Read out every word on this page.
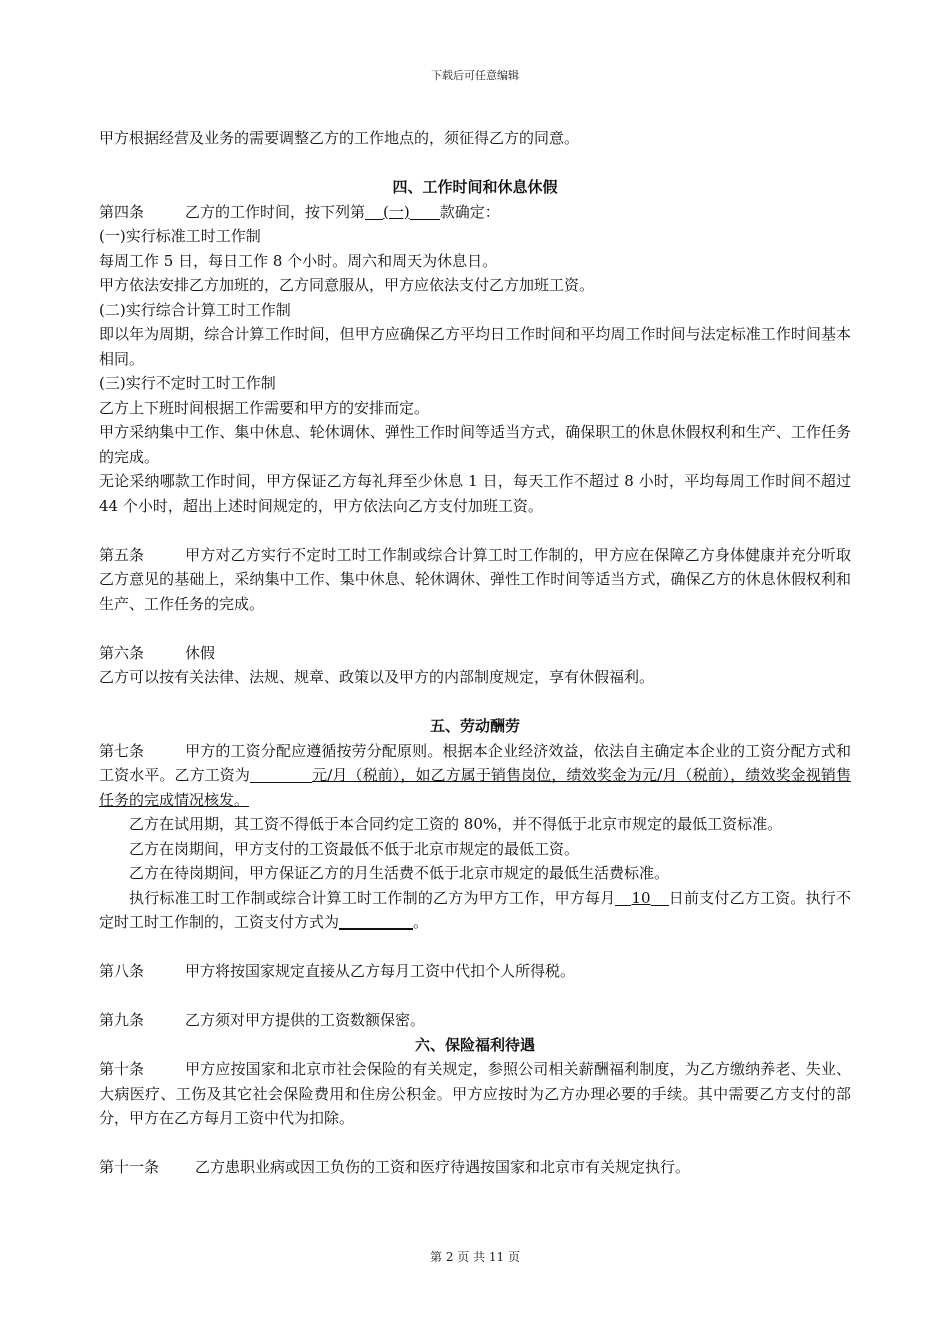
下载后可任意编辑

甲方根据经营及业务的需要调整乙方的工作地点的，须征得乙方的同意。

四、工作时间和休息休假

第四条	乙方的工作时间，按下列第 (一) 款确定：

(一)实行标准工时工作制

每周工作 5 日，每日工作 8 个小时。周六和周天为休息日。

甲方依法安排乙方加班的，乙方同意服从，甲方应依法支付乙方加班工资。

(二)实行综合计算工时工作制

即以年为周期，综合计算工作时间，但甲方应确保乙方平均日工作时间和平均周工作时间与法定标准工作时间基本相同。

(三)实行不定时工时工作制

乙方上下班时间根据工作需要和甲方的安排而定。

甲方采纳集中工作、集中休息、轮休调休、弹性工作时间等适当方式，确保职工的休息休假权利和生产、工作任务的完成。

无论采纳哪款工作时间，甲方保证乙方每礼拜至少休息 1 日，每天工作不超过 8 小时，平均每周工作时间不超过 44 个小时，超出上述时间规定的，甲方依法向乙方支付加班工资。

第五条	甲方对乙方实行不定时工时工作制或综合计算工时工作制的，甲方应在保障乙方身体健康并充分听取乙方意见的基础上，采纳集中工作、集中休息、轮休调休、弹性工作时间等适当方式，确保乙方的休息休假权利和生产、工作任务的完成。

第六条	休假

乙方可以按有关法律、法规、规章、政策以及甲方的内部制度规定，享有休假福利。

五、劳动酬劳

第七条	甲方的工资分配应遵循按劳分配原则。根据本企业经济效益，依法自主确定本企业的工资分配方式和工资水平。乙方工资为	元/月（税前），如乙方属于销售岗位，绩效奖金为元/月（税前），绩效奖金视销售任务的完成情况核发。

乙方在试用期，其工资不得低于本合同约定工资的 80%，并不得低于北京市规定的最低工资标准。

乙方在岗期间，甲方支付的工资最低不低于北京市规定的最低工资。

乙方在待岗期间，甲方保证乙方的月生活费不低于北京市规定的最低生活费标准。

执行标准工时工作制或综合计算工时工作制的乙方为甲方工作，甲方每月 10 日前支付乙方工资。执行不定时工时工作制的，工资支付方式为	。

第八条	甲方将按国家规定直接从乙方每月工资中代扣个人所得税。

第九条	乙方须对甲方提供的工资数额保密。

六、保险福利待遇

第十条	甲方应按国家和北京市社会保险的有关规定，参照公司相关薪酬福利制度，为乙方缴纳养老、失业、大病医疗、工伤及其它社会保险费用和住房公积金。甲方应按时为乙方办理必要的手续。其中需要乙方支付的部分，甲方在乙方每月工资中代为扣除。

第十一条 乙方患职业病或因工负伤的工资和医疗待遇按国家和北京市有关规定执行。

第 2 页 共 11 页
